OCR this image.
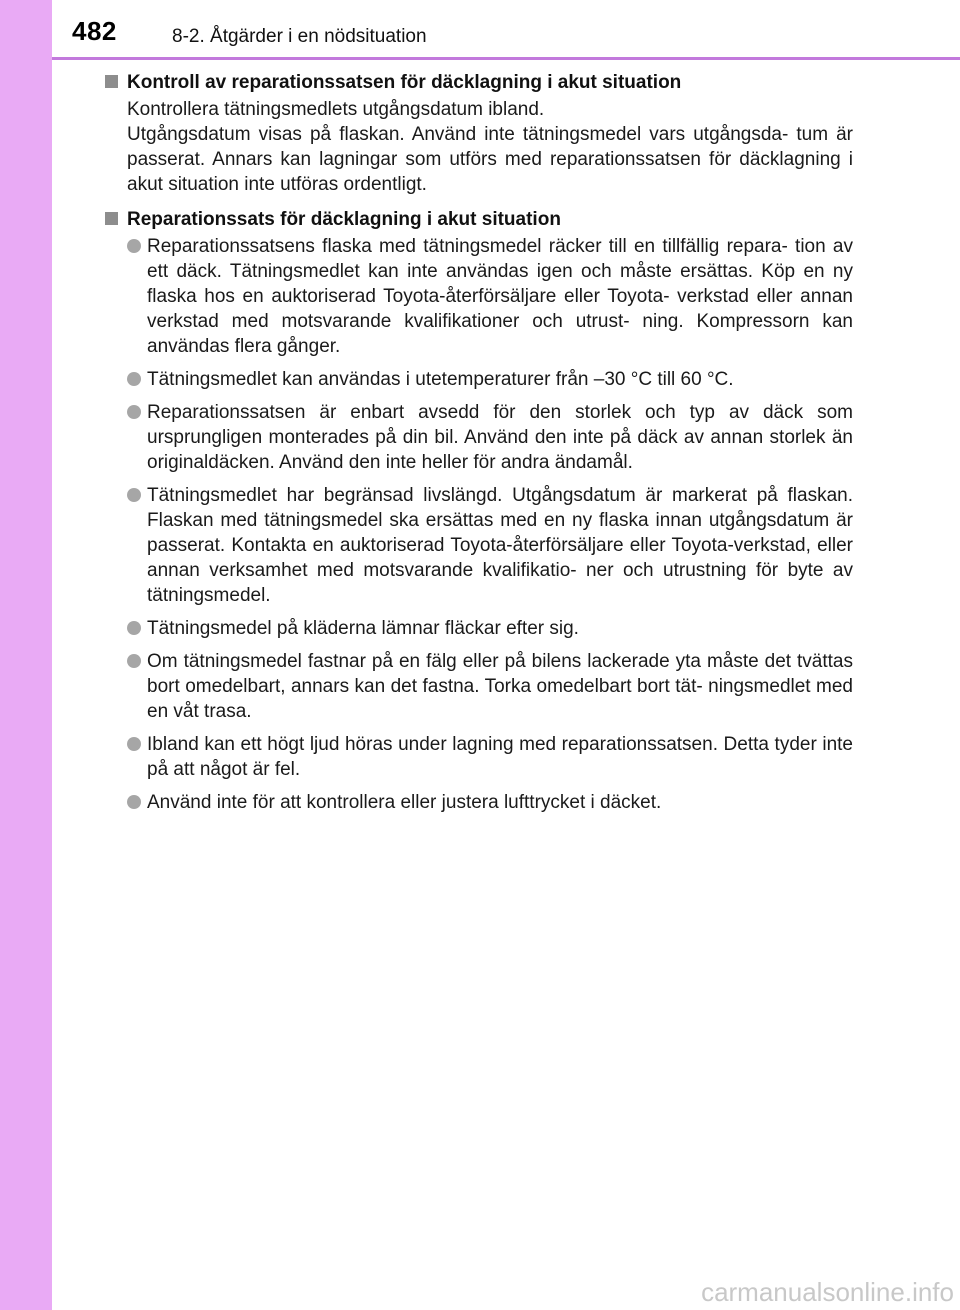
482	8-2. Åtgärder i en nödsituation
Kontroll av reparationssatsen för däcklagning i akut situation
Kontrollera tätningsmedlets utgångsdatum ibland.
Utgångsdatum visas på flaskan. Använd inte tätningsmedel vars utgångsda- tum är passerat. Annars kan lagningar som utförs med reparationssatsen för däcklagning i akut situation inte utföras ordentligt.
Reparationssats för däcklagning i akut situation
Reparationssatsens flaska med tätningsmedel räcker till en tillfällig repara- tion av ett däck. Tätningsmedlet kan inte användas igen och måste ersättas. Köp en ny flaska hos en auktoriserad Toyota-återförsäljare eller Toyota- verkstad eller annan verkstad med motsvarande kvalifikationer och utrust- ning. Kompressorn kan användas flera gånger.
Tätningsmedlet kan användas i utetemperaturer från –30 °C till 60 °C.
Reparationssatsen är enbart avsedd för den storlek och typ av däck som ursprungligen monterades på din bil. Använd den inte på däck av annan storlek än originaldäcken. Använd den inte heller för andra ändamål.
Tätningsmedlet har begränsad livslängd. Utgångsdatum är markerat på flaskan. Flaskan med tätningsmedel ska ersättas med en ny flaska innan utgångsdatum är passerat. Kontakta en auktoriserad Toyota-återförsäljare eller Toyota-verkstad, eller annan verksamhet med motsvarande kvalifikatio- ner och utrustning för byte av tätningsmedel.
Tätningsmedel på kläderna lämnar fläckar efter sig.
Om tätningsmedel fastnar på en fälg eller på bilens lackerade yta måste det tvättas bort omedelbart, annars kan det fastna. Torka omedelbart bort tät- ningsmedlet med en våt trasa.
Ibland kan ett högt ljud höras under lagning med reparationssatsen. Detta tyder inte på att något är fel.
Använd inte för att kontrollera eller justera lufttrycket i däcket.
carmanualsonline.info
